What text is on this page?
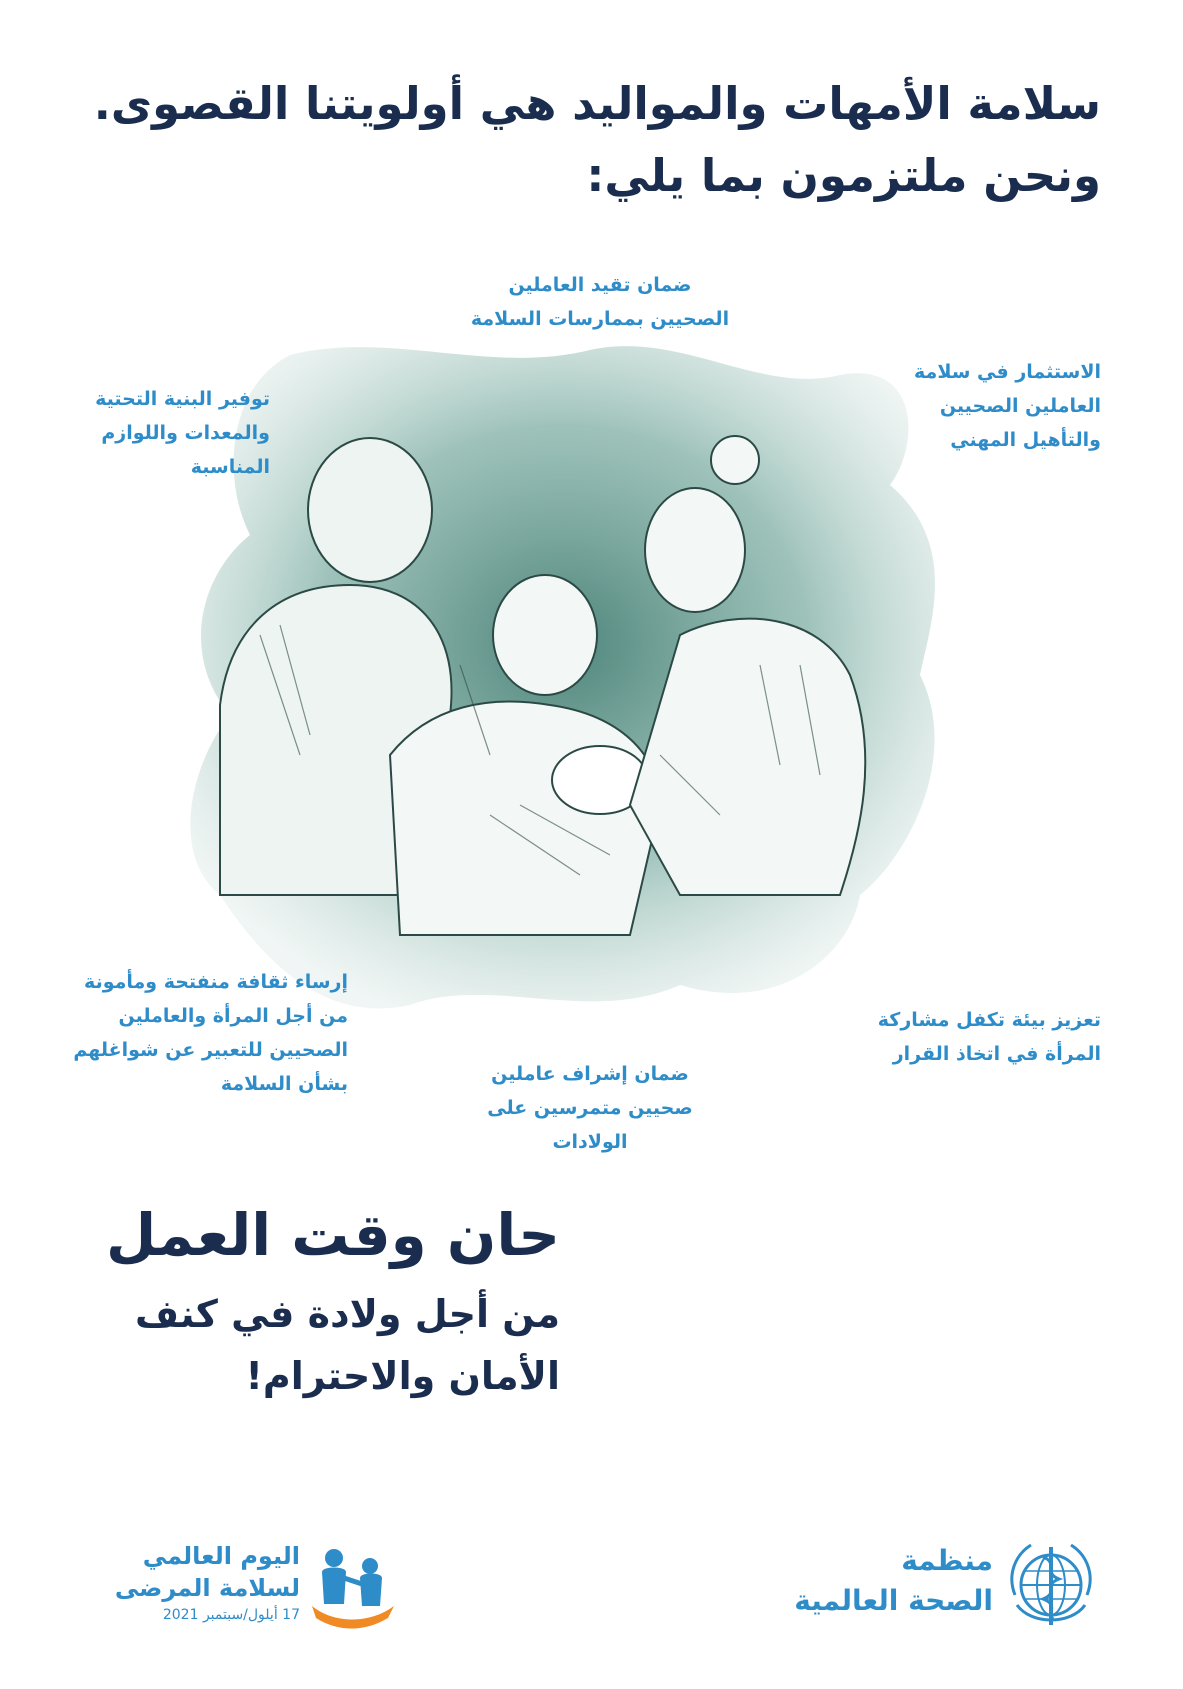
سلامة الأمهات والمواليد هي أولويتنا القصوى.
ونحن ملتزمون بما يلي:
ضمان تقيد العاملين
الصحيين بممارسات السلامة
توفير البنية التحتية
والمعدات واللوازم
المناسبة
الاستثمار في سلامة
العاملين الصحيين
والتأهيل المهني
إرساء ثقافة منفتحة ومأمونة
من أجل المرأة والعاملين
الصحيين للتعبير عن شواغلهم
بشأن السلامة	ضمان إشراف عاملين
صحيين متمرسين على
الولادات
تعزيز بيئة تكفل مشاركة
المرأة في اتخاذ القرار
حان وقت العمل
من أجل ولادة في كنف
الأمان والاحترام!
اليوم العالمي
لسلامة المرضى
17 أيلول/سبتمبر 2021
منظمة
الصحة العالمية
